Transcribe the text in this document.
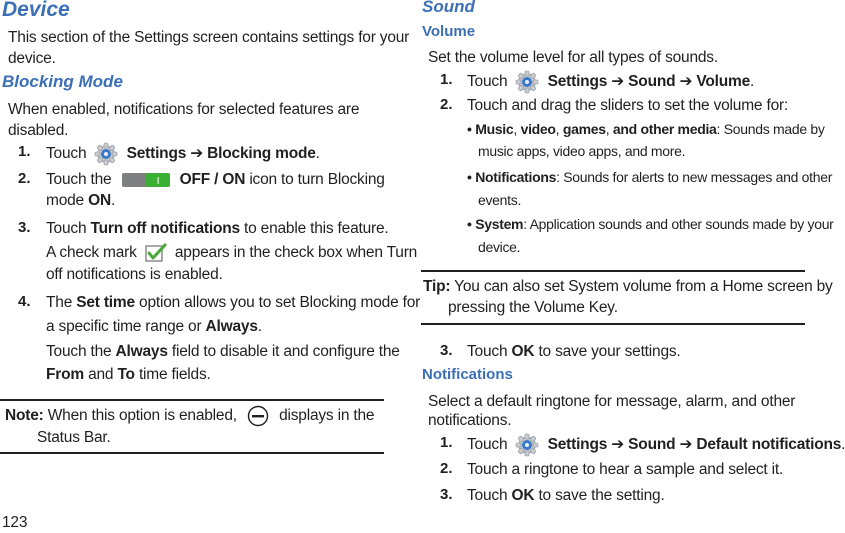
Device
This section of the Settings screen contains settings for your
device.
Blocking Mode
When enabled, notifications for selected features are
disabled.
1. Touch	Settings ➔ Blocking mode.
2. Touch the	I OFF / ON icon to turn Blocking
mode ON.
3. Touch Turn off notifications to enable this feature.
A check mark appears in the check box when Turn
off notifications is enabled.
4. The Set time option allows you to set Blocking mode for
a specific time range or Always.
Touch the Always field to disable it and configure the
From and To time fields.
Note: When this option is enabled,	displays in the
Status Bar.
123
Sound
Volume
Set the volume level for all types of sounds.
1. Touch	Settings ➔ Sound ➔ Volume.
2. Touch and drag the sliders to set the volume for:
• Music, video, games, and other media: Sounds made by
music apps, video apps, and more.
• Notifications: Sounds for alerts to new messages and other
events.
• System: Application sounds and other sounds made by your
device.
Tip: You can also set System volume from a Home screen by
pressing the Volume Key.
3. Touch OK to save your settings.
Notifications
Select a default ringtone for message, alarm, and other
notifications.
1. Touch	Settings ➔ Sound ➔ Default notifications.
2. Touch a ringtone to hear a sample and select it.
3. Touch OK to save the setting.
